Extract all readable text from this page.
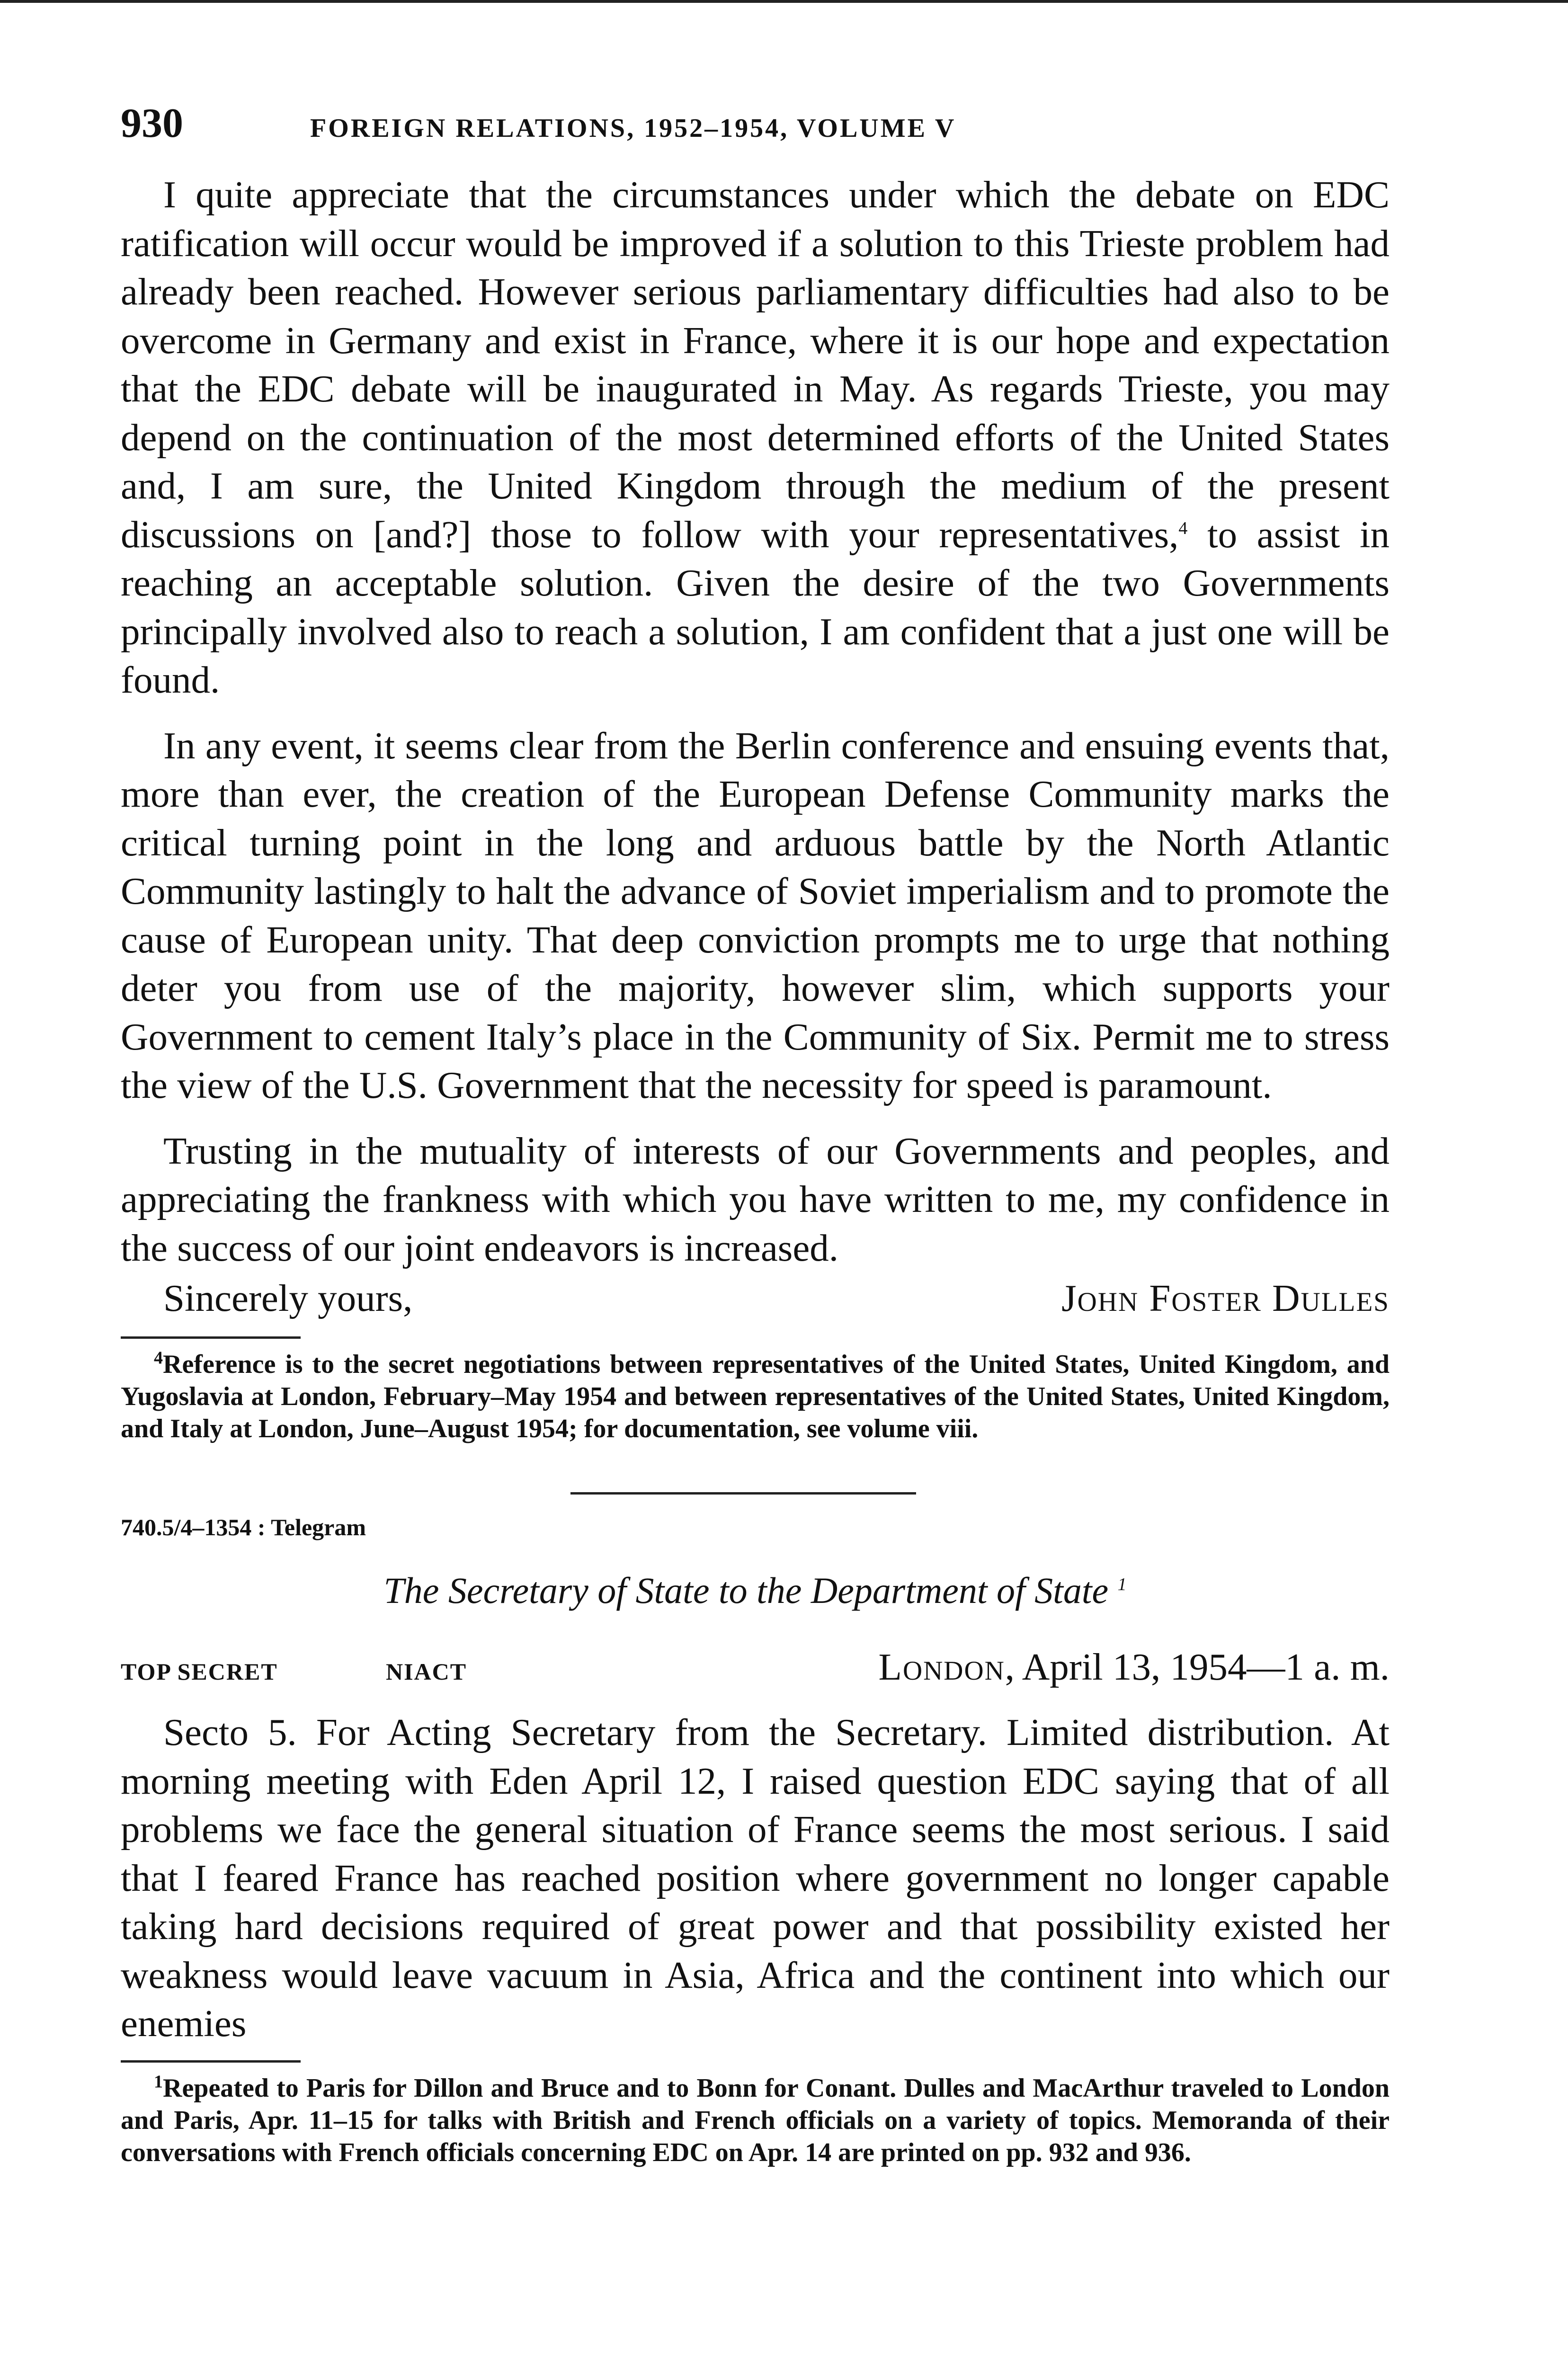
930	FOREIGN RELATIONS, 1952–1954, VOLUME V

I quite appreciate that the circumstances under which the debate on EDC ratification will occur would be improved if a solution to this Trieste problem had already been reached. However serious parliamentary difficulties had also to be overcome in Germany and exist in France, where it is our hope and expectation that the EDC debate will be inaugurated in May. As regards Trieste, you may depend on the continuation of the most determined efforts of the United States and, I am sure, the United Kingdom through the medium of the present discussions on [and?] those to follow with your representatives,$^4$ to assist in reaching an acceptable solution. Given the desire of the two Governments principally involved also to reach a solution, I am confident that a just one will be found.

In any event, it seems clear from the Berlin conference and ensuing events that, more than ever, the creation of the European Defense Community marks the critical turning point in the long and arduous battle by the North Atlantic Community lastingly to halt the advance of Soviet imperialism and to promote the cause of European unity. That deep conviction prompts me to urge that nothing deter you from use of the majority, however slim, which supports your Government to cement Italy’s place in the Community of Six. Permit me to stress the view of the U.S. Government that the necessity for speed is paramount.

Trusting in the mutuality of interests of our Governments and peoples, and appreciating the frankness with which you have written to me, my confidence in the success of our joint endeavors is increased.

Sincerely yours,	John Foster Dulles

$^4$Reference is to the secret negotiations between representatives of the United States, United Kingdom, and Yugoslavia at London, February–May 1954 and between representatives of the United States, United Kingdom, and Italy at London, June–August 1954; for documentation, see volume viii.

740.5/4–1354 : Telegram
The Secretary of State to the Department of State $^1$
TOP SECRET	NIACT	London, April 13, 1954—1 a. m.

Secto 5. For Acting Secretary from the Secretary. Limited distribution. At morning meeting with Eden April 12, I raised question EDC saying that of all problems we face the general situation of France seems the most serious. I said that I feared France has reached position where government no longer capable taking hard decisions required of great power and that possibility existed her weakness would leave vacuum in Asia, Africa and the continent into which our enemies

$^1$Repeated to Paris for Dillon and Bruce and to Bonn for Conant. Dulles and MacArthur traveled to London and Paris, Apr. 11–15 for talks with British and French officials on a variety of topics. Memoranda of their conversations with French officials concerning EDC on Apr. 14 are printed on pp. 932 and 936.
